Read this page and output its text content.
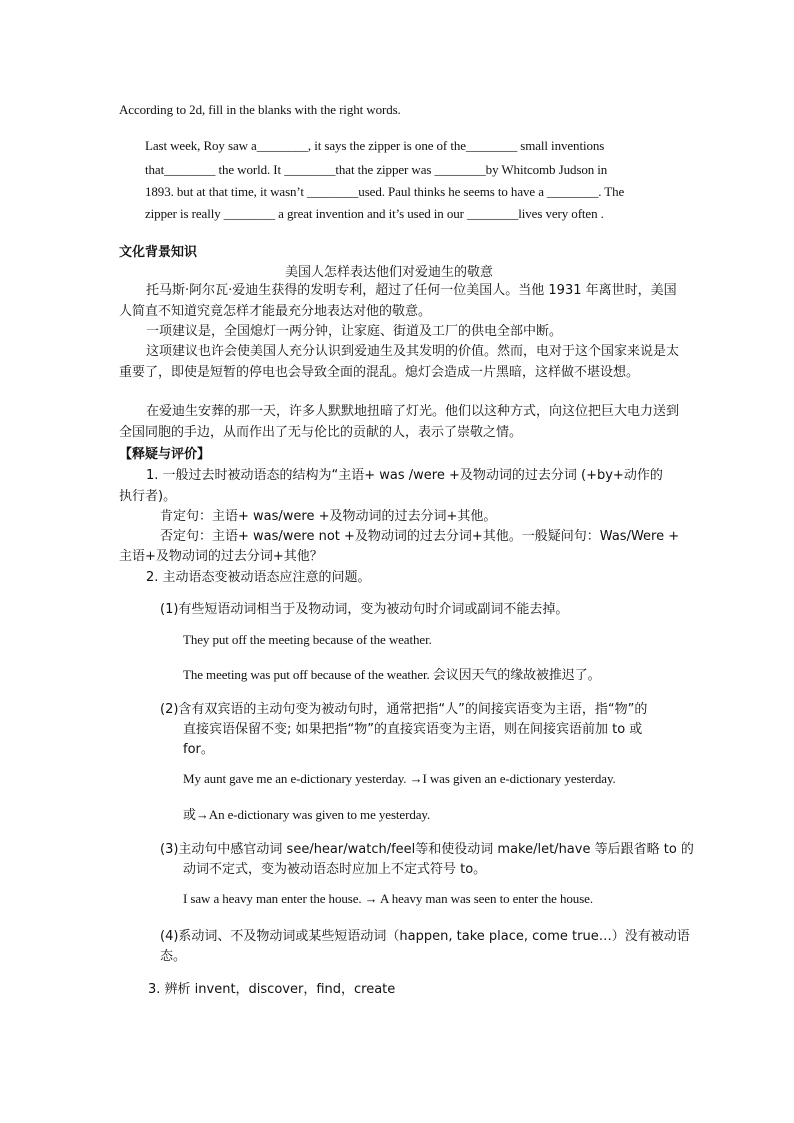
According to 2d, fill in the blanks with the right words.
Last week, Roy saw a________, it says the zipper is one of the________ small inventions
that________ the world. It ________that the zipper was ________by Whitcomb Judson in
1893. but at that time, it wasn’t ________used. Paul thinks he seems to have a ________. The
zipper is really ________ a great invention and it’s used in our ________lives very often .
文化背景知识
美国人怎样表达他们对爱迪生的敬意
托马斯·阿尔瓦·爱迪生获得的发明专利，超过了任何一位美国人。当他 1931 年离世时，美国人简直不知道究竟怎样才能最充分地表达对他的敬意。
一项建议是，全国熄灯一两分钟，让家庭、街道及工厂的供电全部中断。
这项建议也许会使美国人充分认识到爱迪生及其发明的价值。然而，电对于这个国家来说是太重要了，即使是短暂的停电也会导致全面的混乱。熄灯会造成一片黑暗，这样做不堪设想。
在爱迪生安葬的那一天，许多人默默地扭暗了灯光。他们以这种方式，向这位把巨大电力送到全国同胞的手边，从而作出了无与伦比的贡献的人，表示了崇敬之情。
【释疑与评价】
1. 一般过去时被动语态的结构为“主语+ was /were +及物动词的过去分词 (+by+动作的
执行者)。
肯定句：主语+ was/were +及物动词的过去分词+其他。
否定句：主语+ was/were not +及物动词的过去分词+其他。一般疑问句：Was/Were +
主语+及物动词的过去分词+其他？
2. 主动语态变被动语态应注意的问题。
(1)有些短语动词相当于及物动词，变为被动句时介词或副词不能去掉。
They put off the meeting because of the weather.
The meeting was put off because of the weather. 会议因天气的缘故被推迟了。
(2)含有双宾语的主动句变为被动句时，通常把指“人”的间接宾语变为主语，指“物”的
直接宾语保留不变; 如果把指“物”的直接宾语变为主语，则在间接宾语前加 to 或
for。
My aunt gave me an e-dictionary yesterday. →I was given an e-dictionary yesterday.
或→An e-dictionary was given to me yesterday.
(3)主动句中感官动词 see/hear/watch/feel等和使役动词 make/let/have 等后跟省略 to 的
动词不定式，变为被动语态时应加上不定式符号 to。
I saw a heavy man enter the house. → A heavy man was seen to enter the house.
(4)系动词、不及物动词或某些短语动词（happen, take place, come true…）没有被动语
态。
3. 辨析 invent，discover，find，create
